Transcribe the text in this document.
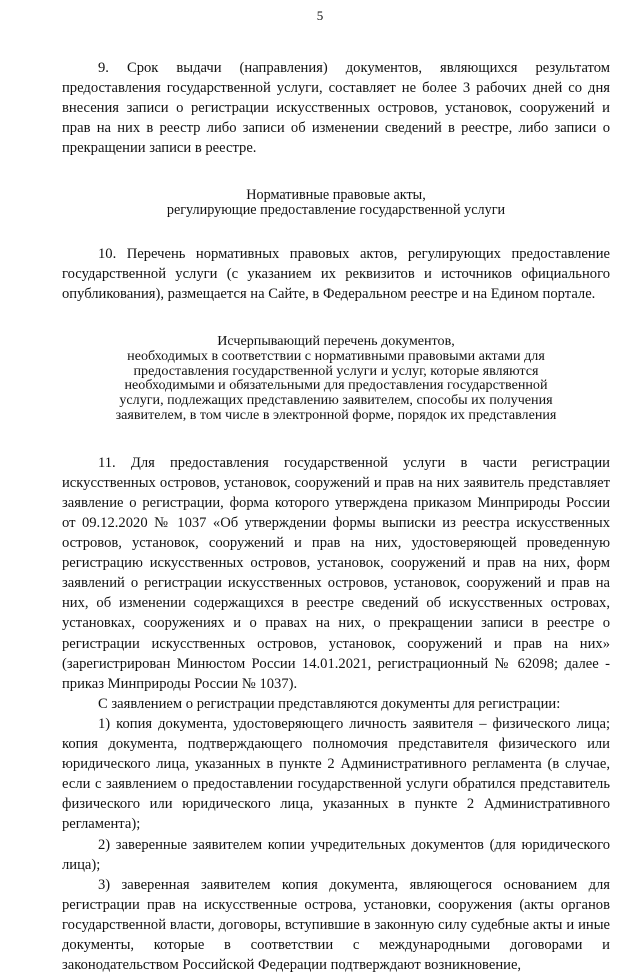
5

9. Срок выдачи (направления) документов, являющихся результатом предоставления государственной услуги, составляет не более 3 рабочих дней со дня внесения записи о регистрации искусственных островов, установок, сооружений и прав на них в реестр либо записи об изменении сведений в реестре, либо записи о прекращении записи в реестре.

Нормативные правовые акты,
регулирующие предоставление государственной услуги

10. Перечень нормативных правовых актов, регулирующих предоставление государственной услуги (с указанием их реквизитов и источников официального опубликования), размещается на Сайте, в Федеральном реестре и на Едином портале.

Исчерпывающий перечень документов,
необходимых в соответствии с нормативными правовыми актами для
предоставления государственной услуги и услуг, которые являются
необходимыми и обязательными для предоставления государственной
услуги, подлежащих представлению заявителем, способы их получения
заявителем, в том числе в электронной форме, порядок их представления

11. Для предоставления государственной услуги в части регистрации искусственных островов, установок, сооружений и прав на них заявитель представляет заявление о регистрации, форма которого утверждена приказом Минприроды России от 09.12.2020 № 1037 «Об утверждении формы выписки из реестра искусственных островов, установок, сооружений и прав на них, удостоверяющей проведенную регистрацию искусственных островов, установок, сооружений и прав на них, форм заявлений о регистрации искусственных островов, установок, сооружений и прав на них, об изменении содержащихся в реестре сведений об искусственных островах, установках, сооружениях и о правах на них, о прекращении записи в реестре о регистрации искусственных островов, установок, сооружений и прав на них» (зарегистрирован Минюстом России 14.01.2021, регистрационный № 62098; далее - приказ Минприроды России № 1037).

С заявлением о регистрации представляются документы для регистрации:

1) копия документа, удостоверяющего личность заявителя – физического лица; копия документа, подтверждающего полномочия представителя физического или юридического лица, указанных в пункте 2 Административного регламента (в случае, если с заявлением о предоставлении государственной услуги обратился представитель физического или юридического лица, указанных в пункте 2 Административного регламента);

2) заверенные заявителем копии учредительных документов (для юридического лица);

3) заверенная заявителем копия документа, являющегося основанием для регистрации прав на искусственные острова, установки, сооружения (акты органов государственной власти, договоры, вступившие в законную силу судебные акты и иные документы, которые в соответствии с международными договорами и законодательством Российской Федерации подтверждают возникновение,
